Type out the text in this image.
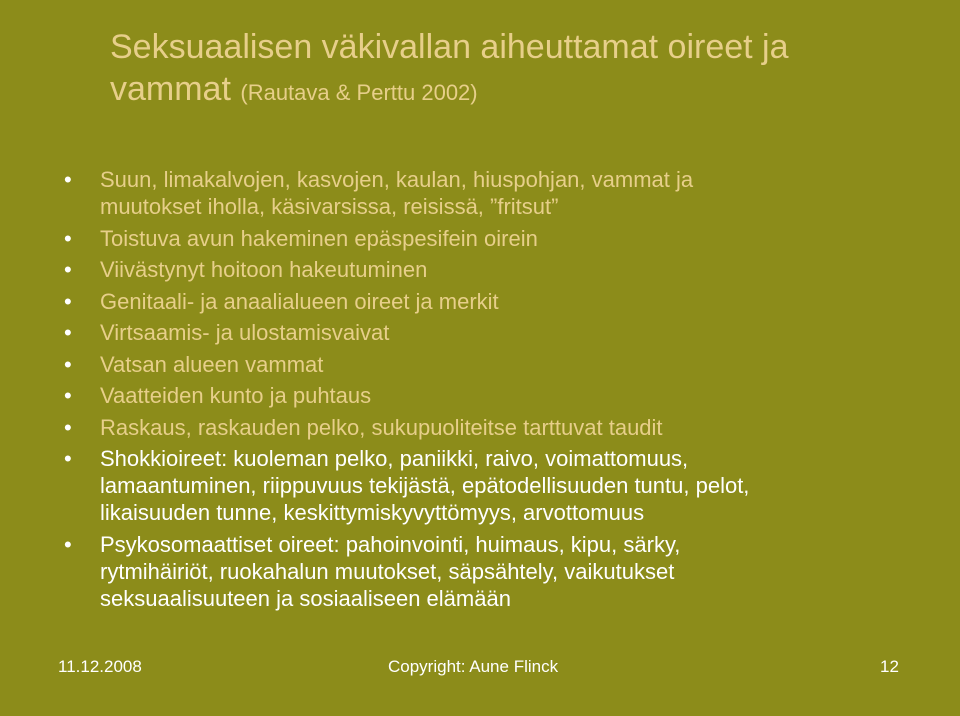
Seksuaalisen väkivallan aiheuttamat oireet ja
vammat (Rautava & Perttu 2002)
• Suun, limakalvojen, kasvojen, kaulan, hiuspohjan, vammat ja
muutokset iholla, käsivarsissa, reisissä, ”fritsut”
• Toistuva avun hakeminen epäspesifein oirein
• Viivästynyt hoitoon hakeutuminen
• Genitaali- ja anaalialueen oireet ja merkit
• Virtsaamis- ja ulostamisvaivat
• Vatsan alueen vammat
• Vaatteiden kunto ja puhtaus
• Raskaus, raskauden pelko, sukupuoliteitse tarttuvat taudit
• Shokkioireet: kuoleman pelko, paniikki, raivo, voimattomuus,
lamaantuminen, riippuvuus tekijästä, epätodellisuuden tuntu, pelot,
likaisuuden tunne, keskittymiskyvyttömyys, arvottomuus
• Psykosomaattiset oireet: pahoinvointi, huimaus, kipu, särky,
rytmihäiriöt, ruokahalun muutokset, säpsähtely, vaikutukset
seksuaalisuuteen ja sosiaaliseen elämään
11.12.2008	Copyright: Aune Flinck	12
